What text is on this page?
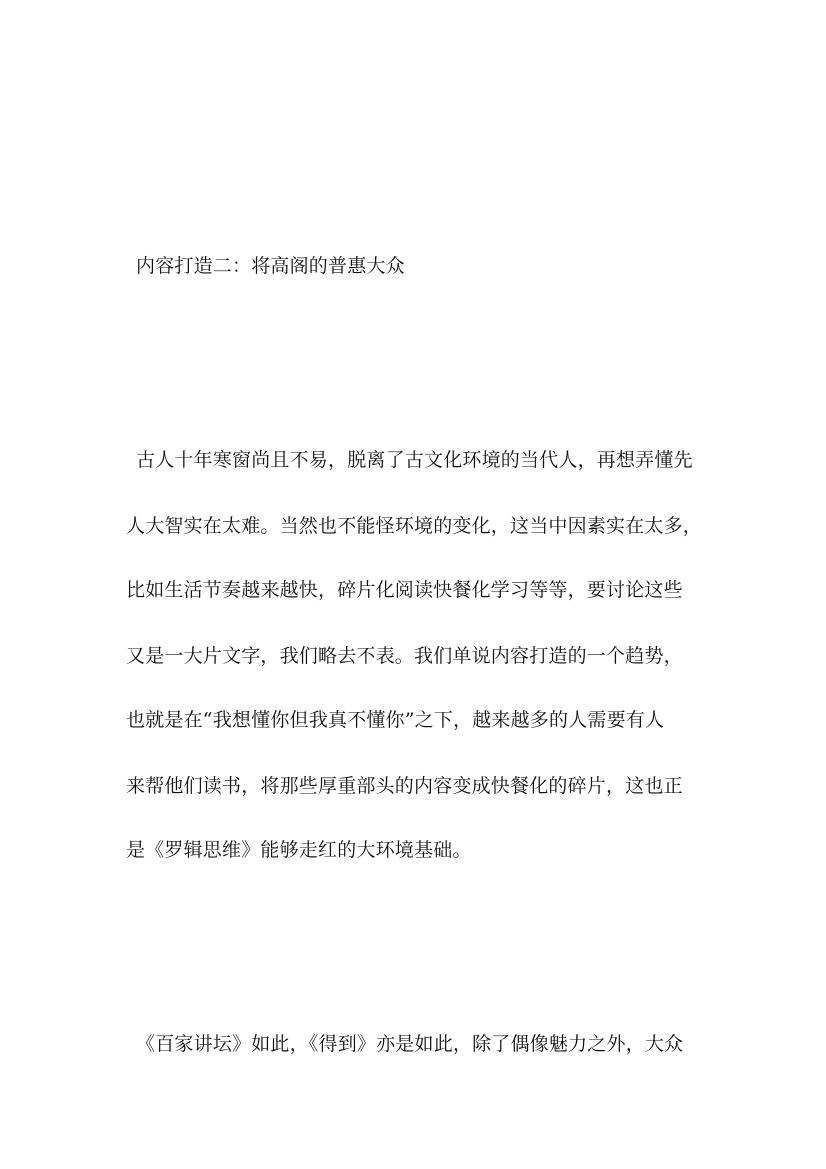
内容打造二：将高阁的普惠大众
古人十年寒窗尚且不易，脱离了古文化环境的当代人，再想弄懂先
人大智实在太难。当然也不能怪环境的变化，这当中因素实在太多，
比如生活节奏越来越快，碎片化阅读快餐化学习等等，要讨论这些
又是一大片文字，我们略去不表。我们单说内容打造的一个趋势，
也就是在“我想懂你但我真不懂你”之下，越来越多的人需要有人
来帮他们读书，将那些厚重部头的内容变成快餐化的碎片，这也正
是《罗辑思维》能够走红的大环境基础。
《百家讲坛》如此，《得到》亦是如此，除了偶像魅力之外，大众
